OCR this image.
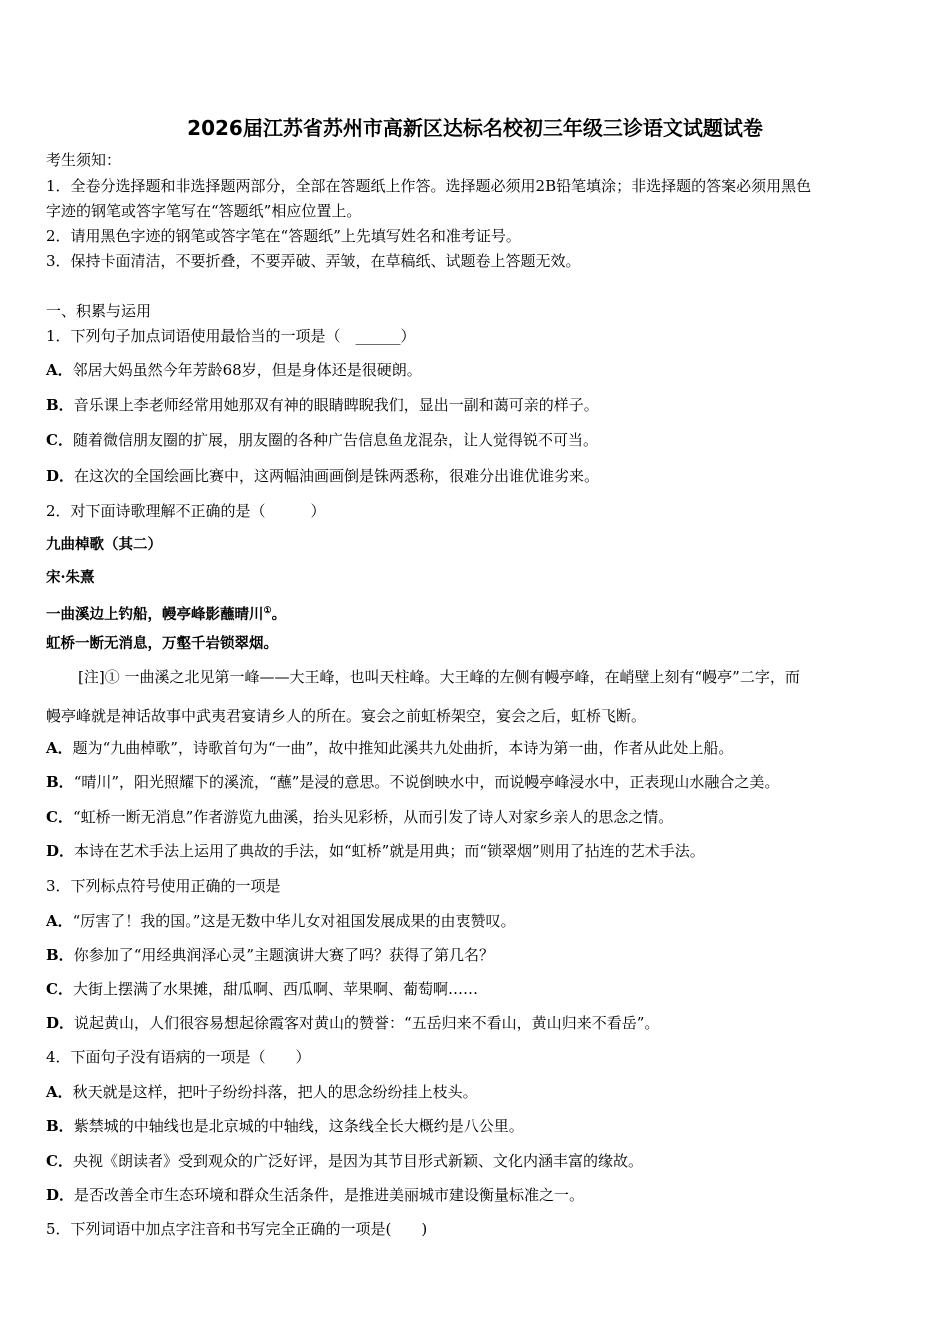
2026届江苏省苏州市高新区达标名校初三年级三诊语文试题试卷
考生须知：
1．全卷分选择题和非选择题两部分，全部在答题纸上作答。选择题必须用2B铅笔填涂；非选择题的答案必须用黑色
字迹的钢笔或答字笔写在“答题纸”相应位置上。
2．请用黑色字迹的钢笔或答字笔在“答题纸”上先填写姓名和准考证号。
3．保持卡面清洁，不要折叠，不要弄破、弄皱，在草稿纸、试题卷上答题无效。
一、积累与运用
1．下列句子加点词语使用最恰当的一项是（　______）
A．邻居大妈虽然今年芳龄68岁，但是身体还是很硬朗。
B．音乐课上李老师经常用她那双有神的眼睛睥睨我们，显出一副和蔼可亲的样子。
C．随着微信朋友圈的扩展，朋友圈的各种广告信息鱼龙混杂，让人觉得锐不可当。
D．在这次的全国绘画比赛中，这两幅油画画倒是铢两悉称，很难分出谁优谁劣来。
2．对下面诗歌理解不正确的是（　　　）
九曲棹歌（其二）
宋·朱熹
一曲溪边上钓船，幔亭峰影蘸晴川①。
虹桥一断无消息，万壑千岩锁翠烟。
[注]① 一曲溪之北见第一峰——大王峰，也叫天柱峰。大王峰的左侧有幔亭峰，在峭壁上刻有“幔亭”二字，而
幔亭峰就是神话故事中武夷君宴请乡人的所在。宴会之前虹桥架空，宴会之后，虹桥飞断。
A．题为“九曲棹歌”，诗歌首句为“一曲”，故中推知此溪共九处曲折，本诗为第一曲，作者从此处上船。
B．“晴川”，阳光照耀下的溪流，“蘸”是浸的意思。不说倒映水中，而说幔亭峰浸水中，正表现山水融合之美。
C．“虹桥一断无消息”作者游览九曲溪，抬头见彩桥，从而引发了诗人对家乡亲人的思念之情。
D．本诗在艺术手法上运用了典故的手法，如“虹桥”就是用典；而“锁翠烟”则用了拈连的艺术手法。
3．下列标点符号使用正确的一项是
A．“厉害了！我的国。”这是无数中华儿女对祖国发展成果的由衷赞叹。
B．你参加了“用经典润泽心灵”主题演讲大赛了吗？获得了第几名？
C．大街上摆满了水果摊，甜瓜啊、西瓜啊、苹果啊、葡萄啊……
D．说起黄山，人们很容易想起徐霞客对黄山的赞誉：“五岳归来不看山，黄山归来不看岳”。
4．下面句子没有语病的一项是（　　）
A．秋天就是这样，把叶子纷纷抖落，把人的思念纷纷挂上枝头。
B．紫禁城的中轴线也是北京城的中轴线，这条线全长大概约是八公里。
C．央视《朗读者》受到观众的广泛好评，是因为其节目形式新颖、文化内涵丰富的缘故。
D．是否改善全市生态环境和群众生活条件，是推进美丽城市建设衡量标准之一。
5．下列词语中加点字注音和书写完全正确的一项是(　　)
